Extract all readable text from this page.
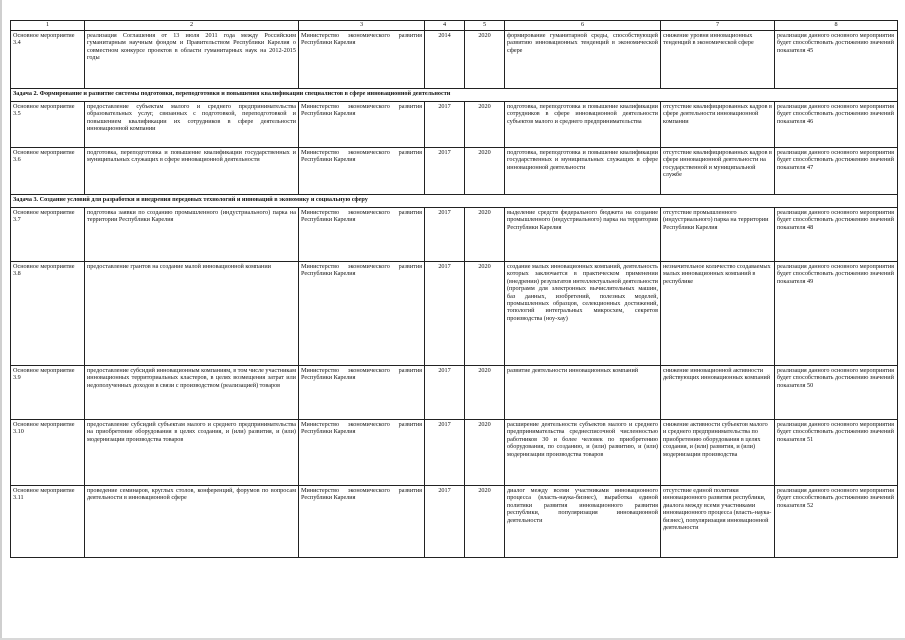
1	2	3	4	5	6	7	8
Основное мероприятие 3.4	реализация Соглашения от 13 июля 2011 года между Российским гуманитарным научным фондом и Правительством Республики Карелия о совместном конкурсе проектов в области гуманитарных наук на 2012-2015 годы	Министерство экономического развития Республики Карелия	2014	2020	формирование гуманитарной среды, способствующей развитию инновационных тенденций в экономической сфере	снижение уровня инновационных тенденций в экономической сфере	реализация данного основного мероприятия будет способствовать достижению значений показателя 45
Задача 2. Формирование и развитие системы подготовки, переподготовки и повышения квалификации специалистов в сфере инновационной деятельности							
Основное мероприятие 3.5	предоставление субъектам малого и среднего предпринимательства образовательных услуг, связанных с подготовкой, переподготовкой и повышением квалификации их сотрудников в сфере деятельности инновационной компании	Министерство экономического развития Республики Карелия	2017	2020	подготовка, переподготовка и повышение квалификации сотрудников в сфере инновационной деятельности субъектов малого и среднего предпринимательства	отсутствие квалифицированных кадров в сфере деятельности инновационной компании	реализация данного основного мероприятия будет способствовать достижению значений показателя 46
Основное мероприятие 3.6	подготовка, переподготовка и повышение квалификации государственных и муниципальных служащих в сфере инновационной деятельности	Министерство экономического развития Республики Карелия	2017	2020	подготовка, переподготовка и повышение квалификации государственных и муниципальных служащих в сфере инновационной деятельности	отсутствие квалифицированных кадров в сфере инновационной деятельности на государственной и муниципальной службе	реализация данного основного мероприятия будет способствовать достижению значений показателя 47
Задача 3. Создание условий для разработки и внедрения передовых технологий и инноваций в экономику и социальную сферу							
Основное мероприятие 3.7	подготовка заявки по созданию промышленного (индустриального) парка на территории Республики Карелия	Министерство экономического развития Республики Карелия	2017	2020	выделение средств федерального бюджета на создание промышленного (индустриального) парка на территории Республики Карелия	отсутствие промышленного (индустриального) парка на территории Республики Карелия	реализация данного основного мероприятия будет способствовать достижению значений показателя 48
Основное мероприятие 3.8	предоставление грантов на создание малой инновационной компании	Министерство экономического развития Республики Карелия	2017	2020	создание малых инновационных компаний, деятельность которых заключается в практическом применении (внедрении) результатов интеллектуальной деятельности (программ для электронных вычислительных машин, баз данных, изобретений, полезных моделей, промышленных образцов, селекционных достижений, топологий интегральных микросхем, секретов производства (ноу-хау)	незначительное количество создаваемых малых инновационных компаний в республике	реализация данного основного мероприятия будет способствовать достижению значений показателя 49
Основное мероприятие 3.9	предоставление субсидий инновационным компаниям, в том числе участникам инновационных территориальных кластеров, в целях возмещения затрат или недополученных доходов в связи с производством (реализацией) товаров	Министерство экономического развития Республики Карелия	2017	2020	развитие деятельности инновационных компаний	снижение инновационной активности действующих инновационных компаний	реализация данного основного мероприятия будет способствовать достижению значений показателя 50
Основное мероприятие 3.10	предоставление субсидий субъектам малого и среднего предпринимательства на приобретение оборудования в целях создания, и (или) развития, и (или) модернизации производства товаров	Министерство экономического развития Республики Карелия	2017	2020	расширение деятельности субъектов малого и среднего предпринимательства среднесписочной численностью работников 30 и более человек по приобретению оборудования, по созданию, и (или) развитию, и (или) модернизации производства товаров	снижение активности субъектов малого и среднего предпринимательства по приобретению оборудования в целях создания, и (или) развития, и (или) модернизации производства	реализация данного основного мероприятия будет способствовать достижению значений показателя 51
Основное мероприятие 3.11	проведение семинаров, круглых столов, конференций, форумов по вопросам деятельности в инновационной сфере	Министерство экономического развития Республики Карелия	2017	2020	диалог между всеми участниками инновационного процесса (власть-наука-бизнес), выработка единой политики развития инновационного развития республики, популяризация инновационной деятельности	отсутствие единой политики инновационного развития республики, диалога между всеми участниками инновационного процесса (власть-наука-бизнес), популяризация инновационной деятельности	реализация данного основного мероприятия будет способствовать достижению значений показателя 52
